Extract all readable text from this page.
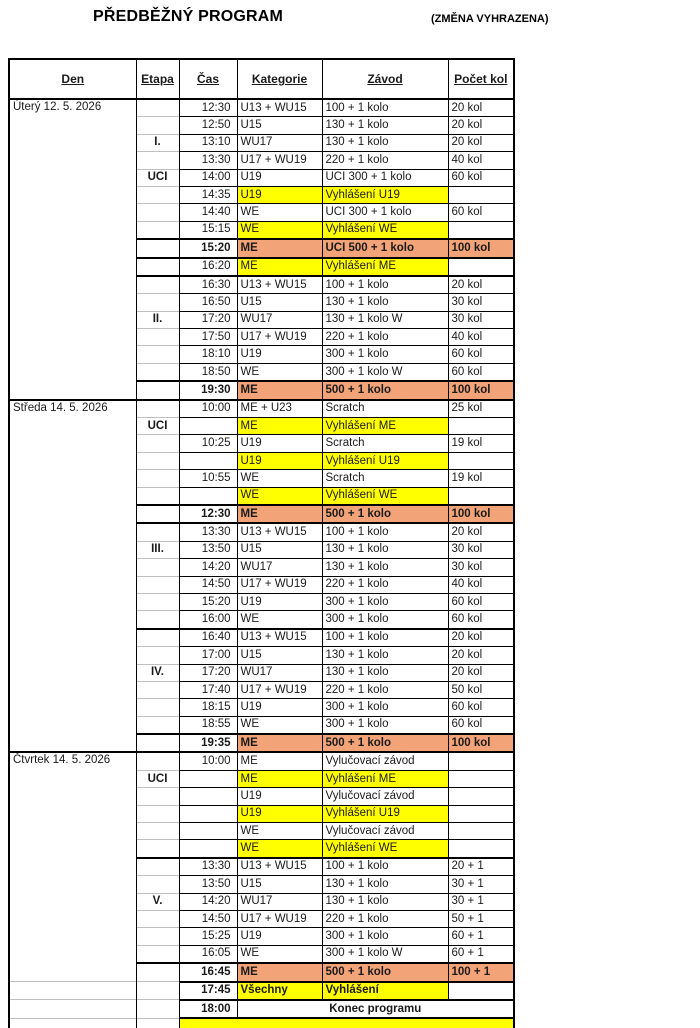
PŘEDBĚŽNÝ PROGRAM	(ZMĚNA VYHRAZENA)
Den	Etapa	Čas	Kategorie	Závod	Počet kol
Úterý 12. 5. 2026		12:30	U13 + WU15	100 + 1 kolo	20 kol
		12:50	U15	130 + 1 kolo	20 kol
	I.	13:10	WU17	130 + 1 kolo	20 kol
		13:30	U17 + WU19	220 + 1 kolo	40 kol
	UCI	14:00	U19	UCI 300 + 1 kolo	60 kol
		14:35	U19	Vyhlášení U19	
		14:40	WE	UCI 300 + 1 kolo	60 kol
		15:15	WE	Vyhlášení WE	
		15:20	ME	UCI 500 + 1 kolo	100 kol
		16:20	ME	Vyhlášení ME	
		16:30	U13 + WU15	100 + 1 kolo	20 kol
		16:50	U15	130 + 1 kolo	30 kol
	II.	17:20	WU17	130 + 1 kolo W	30 kol
		17:50	U17 + WU19	220 + 1 kolo	40 kol
		18:10	U19	300 + 1 kolo	60 kol
		18:50	WE	300 + 1 kolo W	60 kol
		19:30	ME	500 + 1 kolo	100 kol
Středa 14. 5. 2026		10:00	ME + U23	Scratch	25 kol
	UCI		ME	Vyhlášení ME	
		10:25	U19	Scratch	19 kol
			U19	Vyhlášení U19	
		10:55	WE	Scratch	19 kol
			WE	Vyhlášení WE	
		12:30	ME	500 + 1 kolo	100 kol
		13:30	U13 + WU15	100 + 1 kolo	20 kol
	III.	13:50	U15	130 + 1 kolo	30 kol
		14:20	WU17	130 + 1 kolo	30 kol
		14:50	U17 + WU19	220 + 1 kolo	40 kol
		15:20	U19	300 + 1 kolo	60 kol
		16:00	WE	300 + 1 kolo	60 kol
		16:40	U13 + WU15	100 + 1 kolo	20 kol
		17:00	U15	130 + 1 kolo	20 kol
	IV.	17:20	WU17	130 + 1 kolo	20 kol
		17:40	U17 + WU19	220 + 1 kolo	50 kol
		18:15	U19	300 + 1 kolo	60 kol
		18:55	WE	300 + 1 kolo	60 kol
		19:35	ME	500 + 1 kolo	100 kol
Čtvrtek 14. 5. 2026		10:00	ME	Vylučovací závod	
	UCI		ME	Vyhlášení ME	
			U19	Vylučovací závod	
			U19	Vyhlášení U19	
			WE	Vylučovací závod	
			WE	Vyhlášení WE	
		13:30	U13 + WU15	100 + 1 kolo	20 + 1
		13:50	U15	130 + 1 kolo	30 + 1
	V.	14:20	WU17	130 + 1 kolo	30 + 1
		14:50	U17 + WU19	220 + 1 kolo	50 + 1
		15:25	U19	300 + 1 kolo	60 + 1
		16:05	WE	300 + 1 kolo W	60 + 1
		16:45	ME	500 + 1 kolo	100 + 1
		17:45	Všechny	Vyhlášení	
		18:00	Konec programu		
